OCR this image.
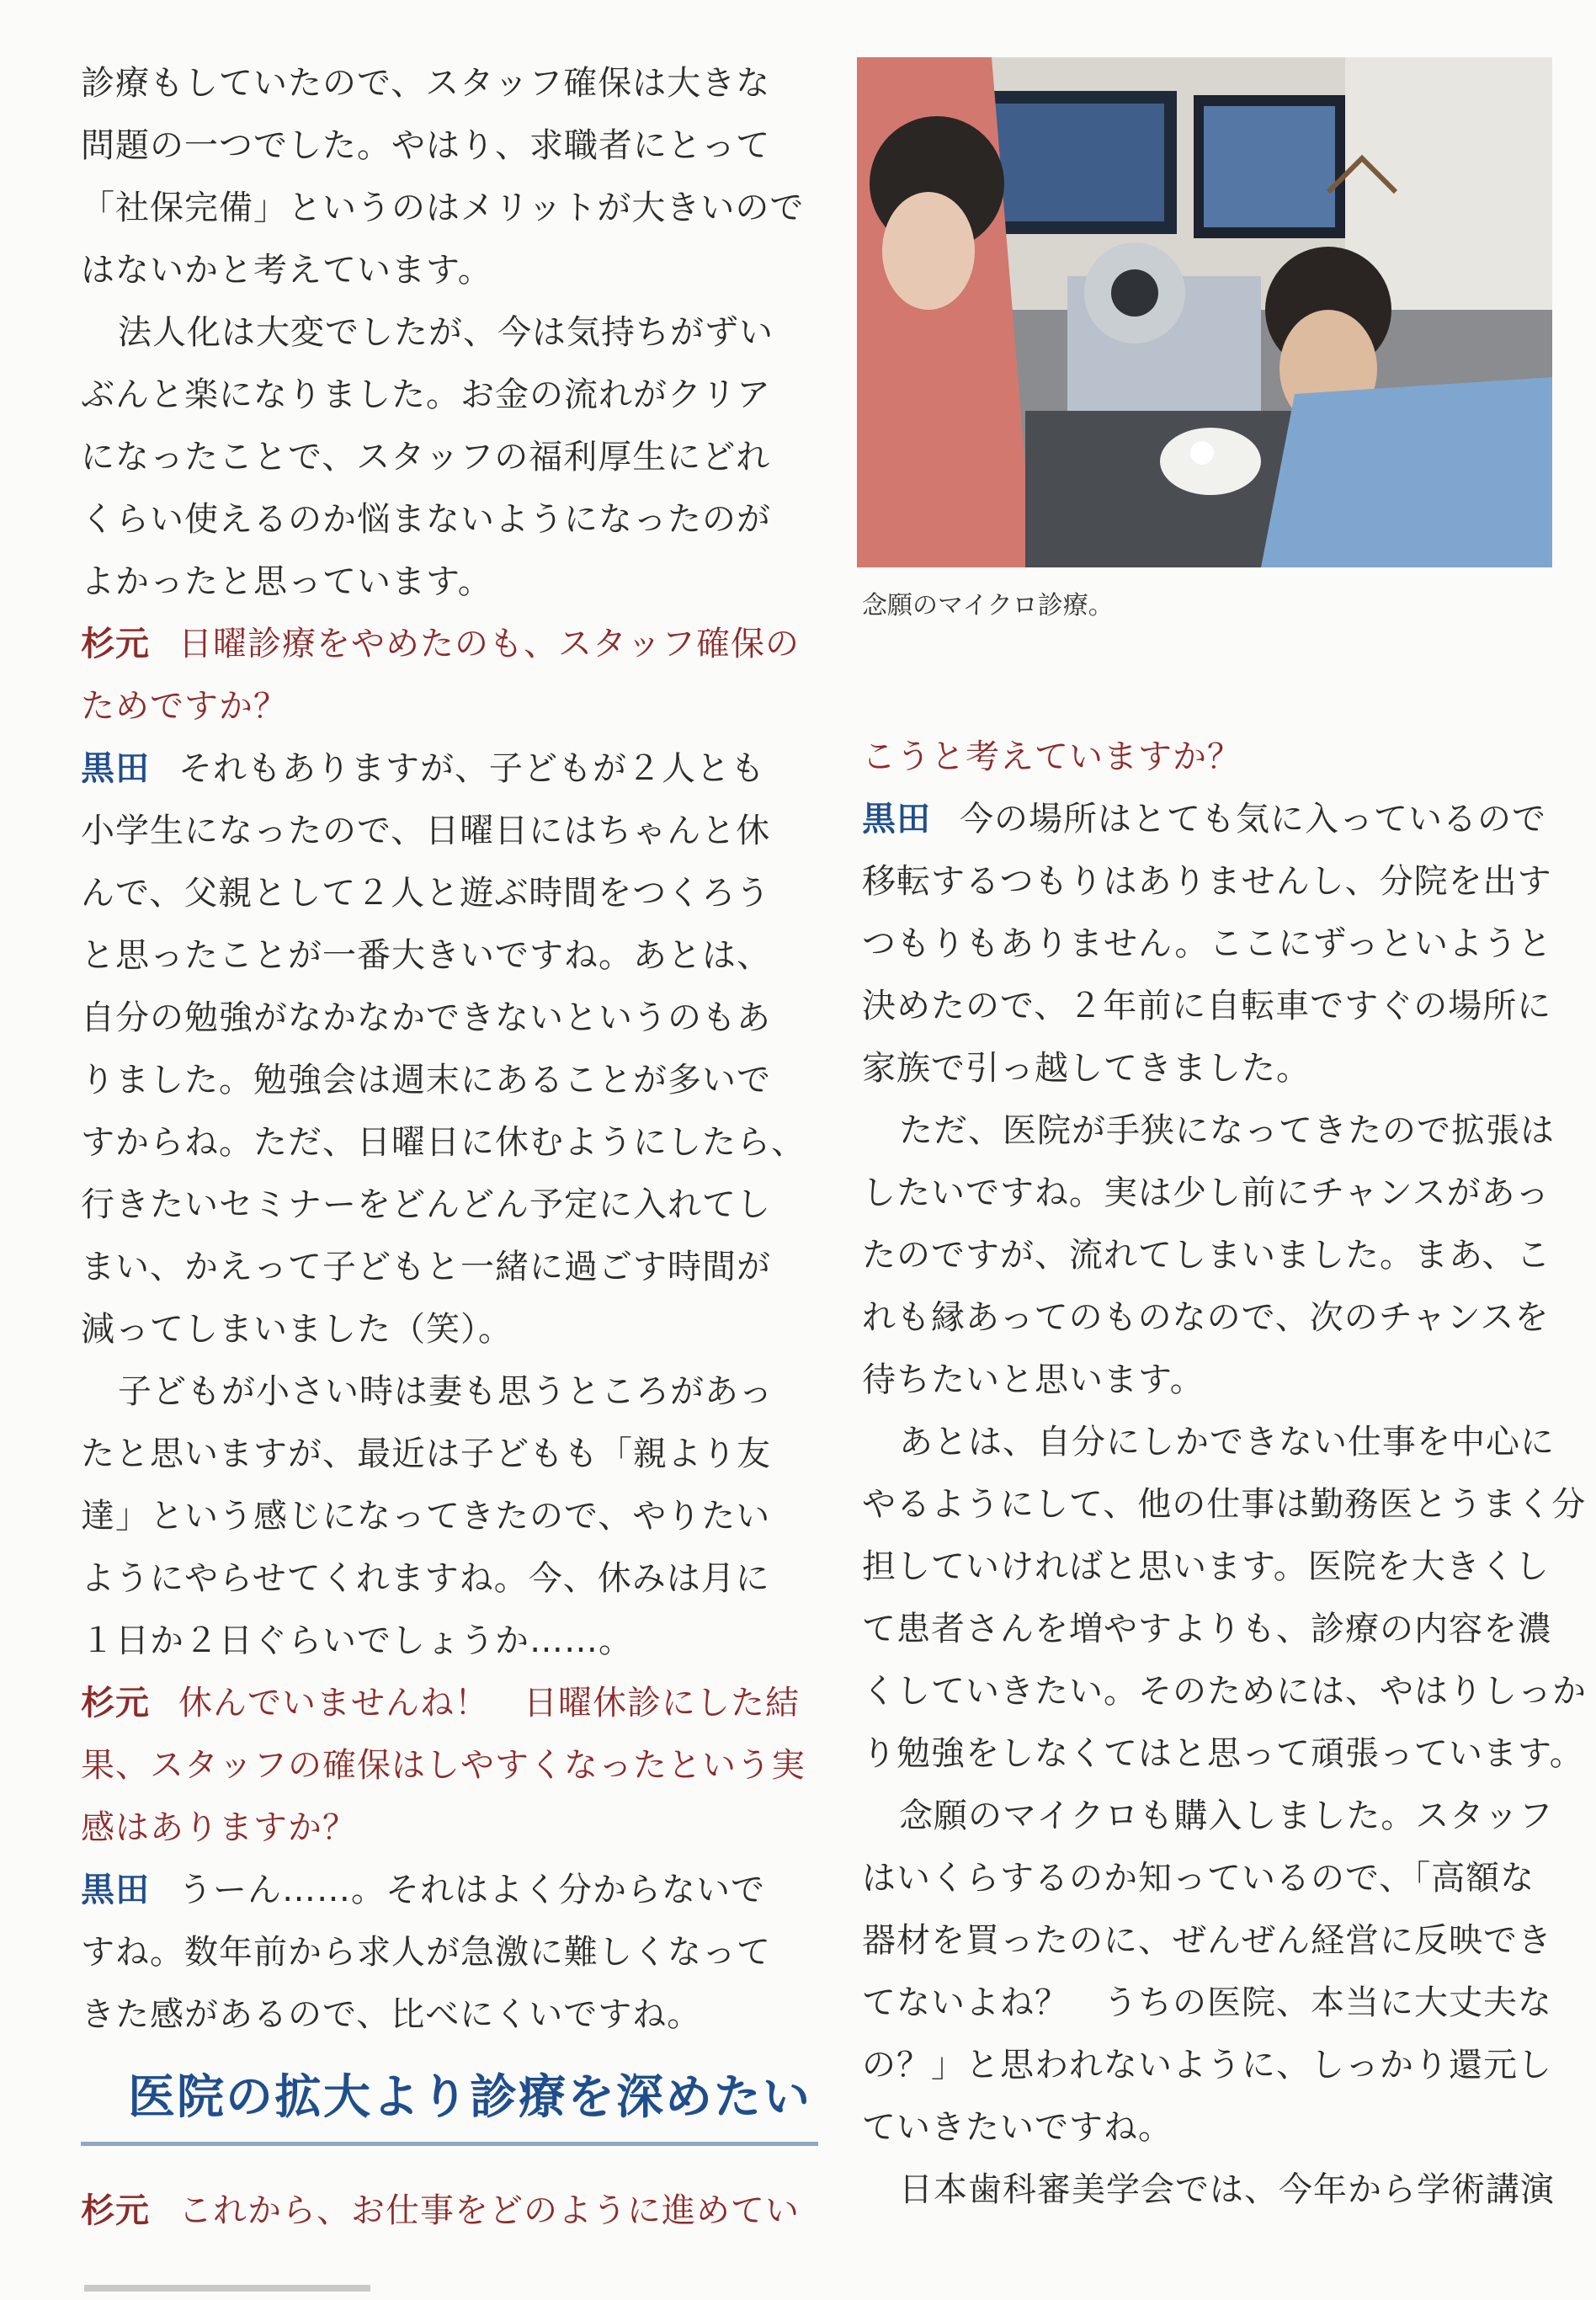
診療もしていたので、スタッフ確保は大きな
問題の一つでした。やはり、求職者にとって
「社保完備」というのはメリットが大きいので
はないかと考えています。
法人化は大変でしたが、今は気持ちがずい
ぶんと楽になりました。お金の流れがクリア
になったことで、スタッフの福利厚生にどれ
くらい使えるのか悩まないようになったのが
よかったと思っています。
杉元 日曜診療をやめたのも、スタッフ確保の
ためですか？
黒田 それもありますが、子どもが２人とも
小学生になったので、日曜日にはちゃんと休
んで、父親として２人と遊ぶ時間をつくろう
と思ったことが一番大きいですね。あとは、
自分の勉強がなかなかできないというのもあ
りました。勉強会は週末にあることが多いで
すからね。ただ、日曜日に休むようにしたら、
行きたいセミナーをどんどん予定に入れてし
まい、かえって子どもと一緒に過ごす時間が
減ってしまいました（笑）。
子どもが小さい時は妻も思うところがあっ
たと思いますが、最近は子どもも「親より友
達」という感じになってきたので、やりたい
ようにやらせてくれますね。今、休みは月に
１日か２日ぐらいでしょうか……。
杉元 休んでいませんね！　日曜休診にした結
果、スタッフの確保はしやすくなったという実
感はありますか？
黒田 うーん……。それはよく分からないで
すね。数年前から求人が急激に難しくなって
きた感があるので、比べにくいですね。
医院の拡大より診療を深めたい
杉元 これから、お仕事をどのように進めてい
念願のマイクロ診療。
こうと考えていますか？
黒田 今の場所はとても気に入っているので
移転するつもりはありませんし、分院を出す
つもりもありません。ここにずっといようと
決めたので、２年前に自転車ですぐの場所に
家族で引っ越してきました。
ただ、医院が手狭になってきたので拡張は
したいですね。実は少し前にチャンスがあっ
たのですが、流れてしまいました。まあ、こ
れも縁あってのものなので、次のチャンスを
待ちたいと思います。
あとは、自分にしかできない仕事を中心に
やるようにして、他の仕事は勤務医とうまく分
担していければと思います。医院を大きくし
て患者さんを増やすよりも、診療の内容を濃
くしていきたい。そのためには、やはりしっか
り勉強をしなくてはと思って頑張っています。
念願のマイクロも購入しました。スタッフ
はいくらするのか知っているので、「高額な
器材を買ったのに、ぜんぜん経営に反映でき
てないよね？　うちの医院、本当に大丈夫な
の？」と思われないように、しっかり還元し
ていきたいですね。
日本歯科審美学会では、今年から学術講演
